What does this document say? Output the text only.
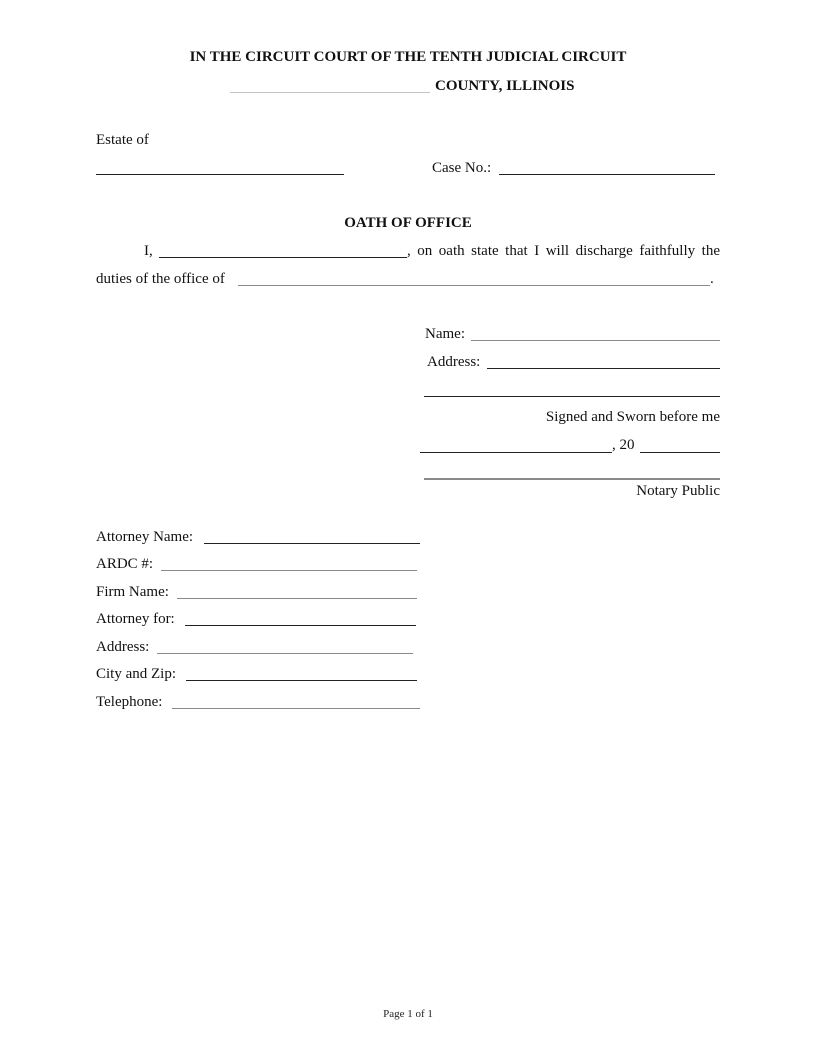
IN THE CIRCUIT COURT OF THE TENTH JUDICIAL CIRCUIT
COUNTY, ILLINOIS
Estate of
Case No.:
OATH OF OFFICE
I,	, on oath state that I will discharge faithfully the
duties of the office of	.
Name:
Address:
Signed and Sworn before me
, 20
Notary Public
Attorney Name:
ARDC #:
Firm Name:
Attorney for:
Address:
City and Zip:
Telephone:
Page 1 of 1
